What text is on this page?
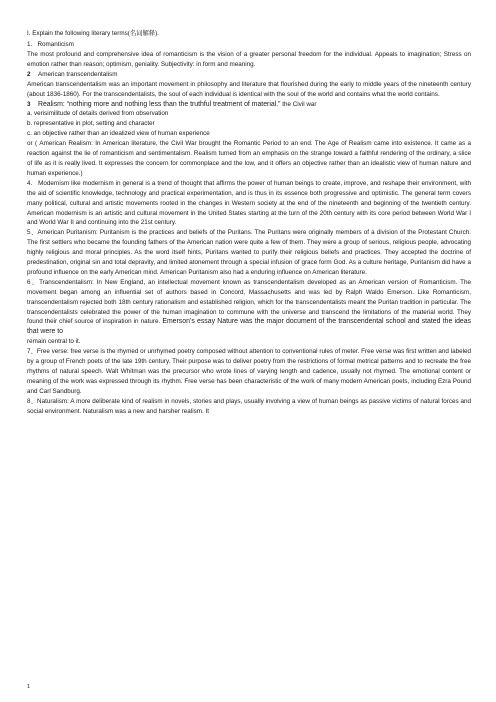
I. Explain the following literary terms(名词解释).

1.   Romanticism

The most profound and comprehensive idea of romanticism is the vision of a greater personal freedom for the individual. Appeals to imagination; Stress on emotion rather than reason; optimism, geniality. Subjectivity: in form and meaning.

2 American transcendentalism

American transcendentalism was an important movement in philosophy and literature that flourished during the early to middle years of the nineteenth century (about 1836-1860). For the transcendentalists, the soul of each individual is identical with the soul of the world and contains what the world contains.

3 Realism: “nothing more and nothing less than the truthful treatment of material.” the Civil war

a. verisimilitude of details derived from observation

b. representative in plot, setting and character

c. an objective rather than an idealized view of human experience

or ( American Realism: In American literature, the Civil War brought the Romantic Period to an end. The Age of Realism came into existence. It came as a reaction against the lie of romanticism and sentimentalism. Realism turned from an emphasis on the strange toward a faithful rendering of the ordinary, a slice of life as it is really lived. It expresses the concern for commonplace and the low, and it offers an objective rather than an idealistic view of human nature and human experience.)

4.   Modernism like modernism in general is a trend of thought that affirms the power of human beings to create, improve, and reshape their environment, with the aid of scientific knowledge, technology and practical experimentation, and is thus in its essence both progressive and optimistic. The general term covers many political, cultural and artistic movements rooted in the changes in Western society at the end of the nineteenth and beginning of the twentieth century. American modernism is an artistic and cultural movement in the United States starting at the turn of the 20th century with its core period between World War I and World War II and continuing into the 21st century.

5、American Puritanism: Puritanism is the practices and beliefs of the Puritans. The Puritans were originally members of a division of the Protestant Church. The first settlers who became the founding fathers of the American nation were quite a few of them. They were a group of serious, religious people, advocating highly religious and moral principles. As the word itself hints, Puritans wanted to purify their religious beliefs and practices. They accepted the doctrine of predestination, original sin and total depravity, and limited atonement through a special infusion of grace form God. As a culture heritage, Puritanism did have a profound influence on the early American mind. American Puritanism also had a enduring influence on American literature.

6、Transcendentalism: In New England, an intellectual movement known as transcendentalism developed as an American version of Romanticism. The movement began among an influential set of authors based in Concord, Massachusetts and was led by Ralph Waldo Emerson. Like Romanticism, transcendentalism rejected both 18th century rationalism and established religion, which for the transcendentalists meant the Puritan tradition in particular. The transcendentalists celebrated the power of the human imagination to commune with the universe and transcend the limitations of the material world. They found their chief source of inspiration in nature. Emerson’s essay Nature was the major document of the transcendental school and stated the ideas that were to

remain central to it.

7、Free verse: free verse is the rhymed or unrhymed poetry composed without attention to conventional rules of meter. Free verse was first written and labeled by a group of French poets of the late 19th century. Their purpose was to deliver poetry from the restrictions of formal metrical patterns and to recreate the free rhythms of natural speech. Walt Whitman was the precursor who wrote lines of varying length and cadence, usually not rhymed. The emotional content or meaning of the work was expressed through its rhythm. Free verse has been characteristic of the work of many modern American poets, including Ezra Pound and Carl Sandburg.

8、Naturalism: A more deliberate kind of realism in novels, stories and plays, usually involving a view of human beings as passive victims of natural forces and social environment. Naturalism was a new and harsher realism. It

1
